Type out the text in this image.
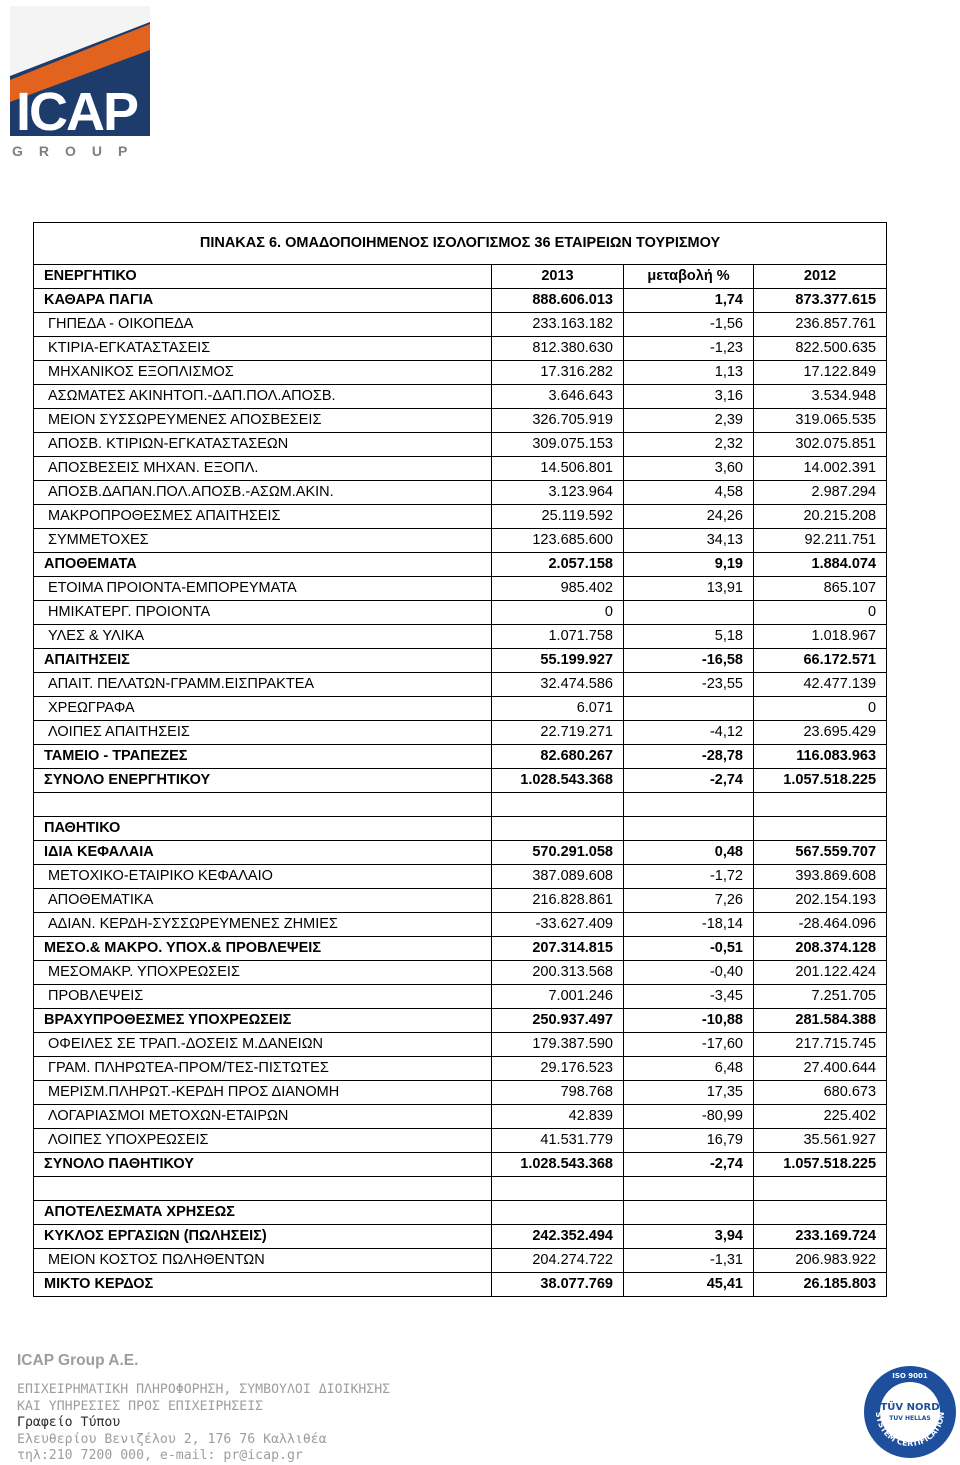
ICAP
GROUP
ΠΙΝΑΚΑΣ 6. ΟΜΑΔΟΠΟΙΗΜΕΝΟΣ ΙΣΟΛΟΓΙΣΜΟΣ 36 ΕΤΑΙΡΕΙΩΝ ΤΟΥΡΙΣΜΟΥ			
ΕΝΕΡΓΗΤΙΚΟ	2013	μεταβολή %	2012
ΚΑΘΑΡΑ ΠΑΓΙΑ	888.606.013	1,74	873.377.615
ΓΗΠΕΔΑ - ΟΙΚΟΠΕΔΑ	233.163.182	-1,56	236.857.761
ΚΤΙΡΙΑ-ΕΓΚΑΤΑΣΤΑΣΕΙΣ	812.380.630	-1,23	822.500.635
ΜΗΧΑΝΙΚΟΣ ΕΞΟΠΛΙΣΜΟΣ	17.316.282	1,13	17.122.849
ΑΣΩΜΑΤΕΣ ΑΚΙΝΗΤΟΠ.-ΔΑΠ.ΠΟΛ.ΑΠΟΣΒ.	3.646.643	3,16	3.534.948
ΜΕΙΟΝ ΣΥΣΣΩΡΕΥΜΕΝΕΣ ΑΠΟΣΒΕΣΕΙΣ	326.705.919	2,39	319.065.535
ΑΠΟΣΒ. ΚΤΙΡΙΩΝ-ΕΓΚΑΤΑΣΤΑΣΕΩΝ	309.075.153	2,32	302.075.851
ΑΠΟΣΒΕΣΕΙΣ ΜΗΧΑΝ. ΕΞΟΠΛ.	14.506.801	3,60	14.002.391
ΑΠΟΣΒ.ΔΑΠΑΝ.ΠΟΛ.ΑΠΟΣΒ.-ΑΣΩΜ.ΑΚΙΝ.	3.123.964	4,58	2.987.294
ΜΑΚΡΟΠΡΟΘΕΣΜΕΣ ΑΠΑΙΤΗΣΕΙΣ	25.119.592	24,26	20.215.208
ΣΥΜΜΕΤΟΧΕΣ	123.685.600	34,13	92.211.751
ΑΠΟΘΕΜΑΤΑ	2.057.158	9,19	1.884.074
ΕΤΟΙΜΑ ΠΡΟΙΟΝΤΑ-ΕΜΠΟΡΕΥΜΑΤΑ	985.402	13,91	865.107
ΗΜΙΚΑΤΕΡΓ. ΠΡΟΙΟΝΤΑ	0		0
ΥΛΕΣ & ΥΛΙΚΑ	1.071.758	5,18	1.018.967
ΑΠΑΙΤΗΣΕΙΣ	55.199.927	-16,58	66.172.571
ΑΠΑΙΤ. ΠΕΛΑΤΩΝ-ΓΡΑΜΜ.ΕΙΣΠΡΑΚΤΕΑ	32.474.586	-23,55	42.477.139
ΧΡΕΩΓΡΑΦΑ	6.071		0
ΛΟΙΠΕΣ ΑΠΑΙΤΗΣΕΙΣ	22.719.271	-4,12	23.695.429
ΤΑΜΕΙΟ - ΤΡΑΠΕΖΕΣ	82.680.267	-28,78	116.083.963
ΣΥΝΟΛΟ ΕΝΕΡΓΗΤΙΚΟΥ	1.028.543.368	-2,74	1.057.518.225

ΠΑΘΗΤΙΚΟ			
ΙΔΙΑ ΚΕΦΑΛΑΙΑ	570.291.058	0,48	567.559.707
ΜΕΤΟΧΙΚΟ-ΕΤΑΙΡΙΚΟ ΚΕΦΑΛΑΙΟ	387.089.608	-1,72	393.869.608
ΑΠΟΘΕΜΑΤΙΚΑ	216.828.861	7,26	202.154.193
ΑΔΙΑΝ. ΚΕΡΔΗ-ΣΥΣΣΩΡΕΥΜΕΝΕΣ ΖΗΜΙΕΣ	-33.627.409	-18,14	-28.464.096
ΜΕΣΟ.& ΜΑΚΡΟ. ΥΠΟΧ.& ΠΡΟΒΛΕΨΕΙΣ	207.314.815	-0,51	208.374.128
ΜΕΣΟΜΑΚΡ. ΥΠΟΧΡΕΩΣΕΙΣ	200.313.568	-0,40	201.122.424
ΠΡΟΒΛΕΨΕΙΣ	7.001.246	-3,45	7.251.705
ΒΡΑΧΥΠΡΟΘΕΣΜΕΣ ΥΠΟΧΡΕΩΣΕΙΣ	250.937.497	-10,88	281.584.388
ΟΦΕΙΛΕΣ ΣΕ ΤΡΑΠ.-ΔΟΣΕΙΣ Μ.ΔΑΝΕΙΩΝ	179.387.590	-17,60	217.715.745
ΓΡΑΜ. ΠΛΗΡΩΤΕΑ-ΠΡΟΜ/ΤΕΣ-ΠΙΣΤΩΤΕΣ	29.176.523	6,48	27.400.644
ΜΕΡΙΣΜ.ΠΛΗΡΩΤ.-ΚΕΡΔΗ ΠΡΟΣ ΔΙΑΝΟΜΗ	798.768	17,35	680.673
ΛΟΓΑΡΙΑΣΜΟΙ ΜΕΤΟΧΩΝ-ΕΤΑΙΡΩΝ	42.839	-80,99	225.402
ΛΟΙΠΕΣ ΥΠΟΧΡΕΩΣΕΙΣ	41.531.779	16,79	35.561.927
ΣΥΝΟΛΟ ΠΑΘΗΤΙΚΟΥ	1.028.543.368	-2,74	1.057.518.225

ΑΠΟΤΕΛΕΣΜΑΤΑ ΧΡΗΣΕΩΣ			
ΚΥΚΛΟΣ ΕΡΓΑΣΙΩΝ (ΠΩΛΗΣΕΙΣ)	242.352.494	3,94	233.169.724
ΜΕΙΟΝ ΚΟΣΤΟΣ ΠΩΛΗΘΕΝΤΩΝ	204.274.722	-1,31	206.983.922
ΜΙΚΤΟ ΚΕΡΔΟΣ	38.077.769	45,41	26.185.803
ICAP Group A.E.
ΕΠΙΧΕΙΡΗΜΑΤΙΚΗ ΠΛΗΡΟΦΟΡΗΣΗ, ΣΥΜΒΟΥΛΟΙ ΔΙΟΙΚΗΣΗΣ
ΚΑΙ ΥΠΗΡΕΣΙΕΣ ΠΡΟΣ ΕΠΙΧΕΙΡΗΣΕΙΣ
Γραφείο Τύπου
Ελευθερίου Βενιζέλου 2, 176 76 Καλλιθέα
τηλ:210 7200 000, e-mail: pr@icap.gr
ISO 9001
TÜV NORD
TUV HELLAS
SYSTEM CERTIFICATION
